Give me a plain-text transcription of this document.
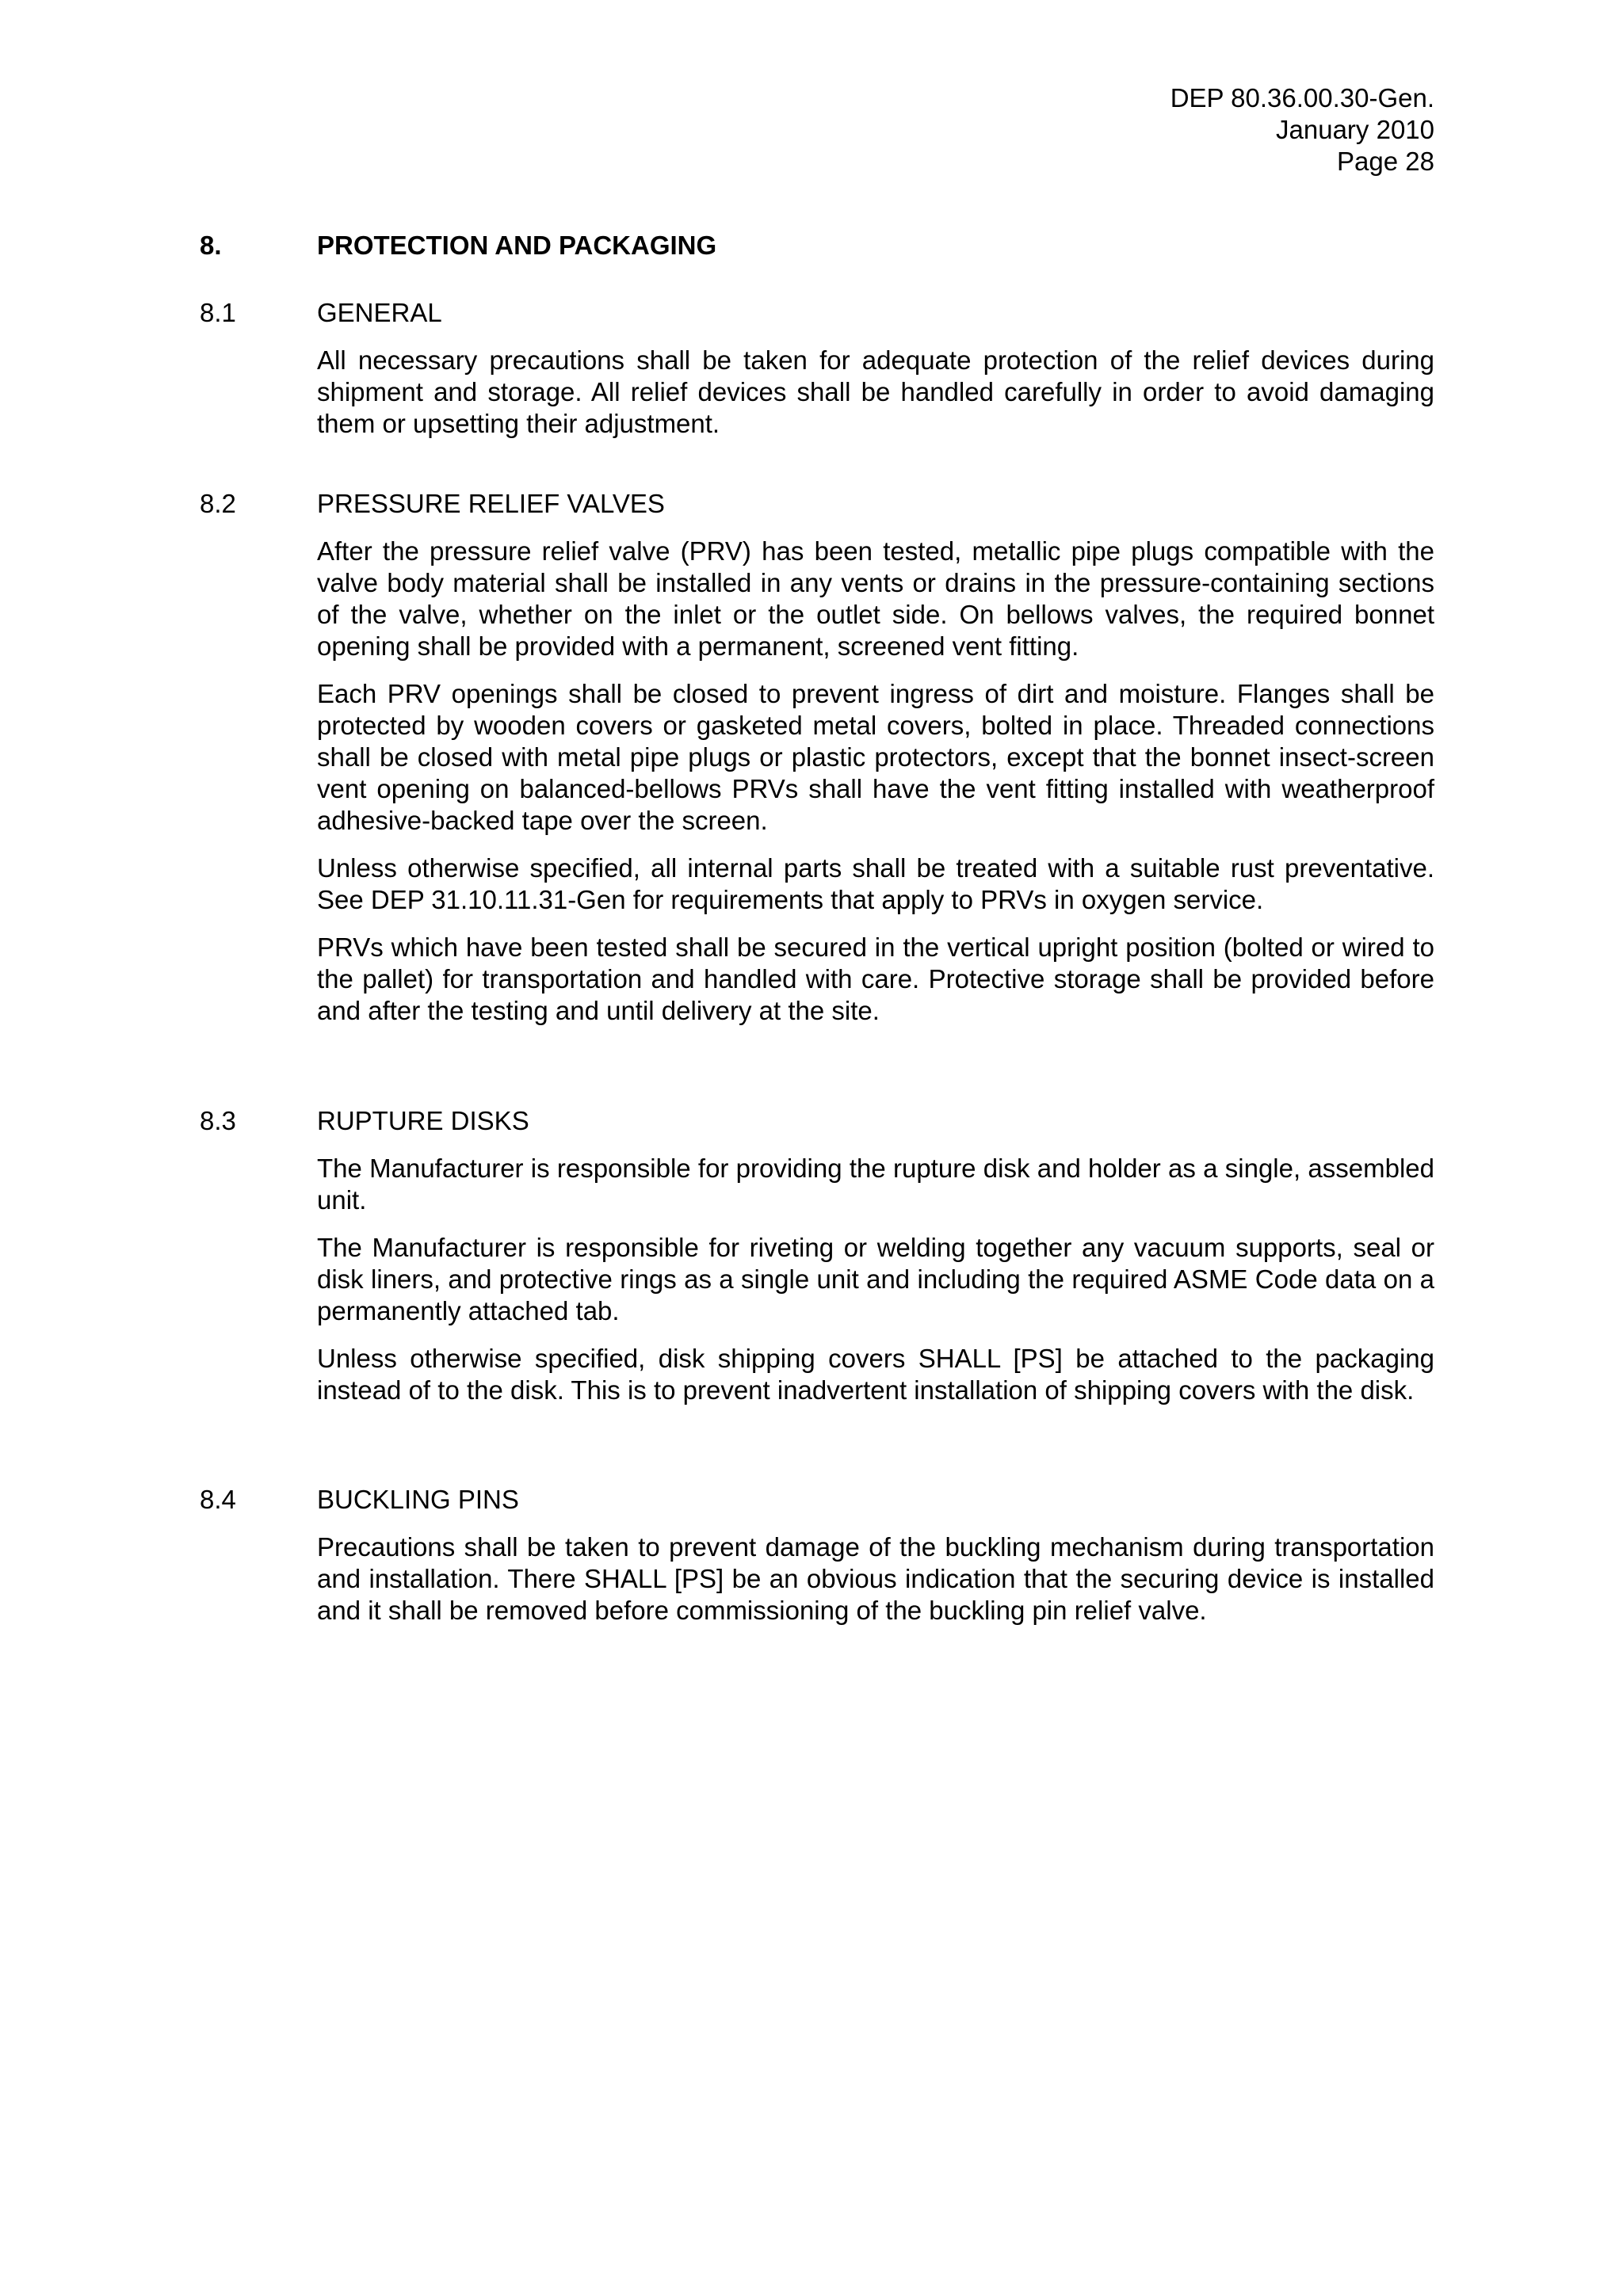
DEP 80.36.00.30-Gen.
January 2010
Page 28
8.	PROTECTION AND PACKAGING
8.1	GENERAL

All necessary precautions shall be taken for adequate protection of the relief devices during shipment and storage. All relief devices shall be handled carefully in order to avoid damaging them or upsetting their adjustment.

8.2	PRESSURE RELIEF VALVES

After the pressure relief valve (PRV) has been tested, metallic pipe plugs compatible with the valve body material shall be installed in any vents or drains in the pressure-containing sections of the valve, whether on the inlet or the outlet side. On bellows valves, the required bonnet opening shall be provided with a permanent, screened vent fitting.

Each PRV openings shall be closed to prevent ingress of dirt and moisture. Flanges shall be protected by wooden covers or gasketed metal covers, bolted in place. Threaded connections shall be closed with metal pipe plugs or plastic protectors, except that the bonnet insect-screen vent opening on balanced-bellows PRVs shall have the vent fitting installed with weatherproof adhesive-backed tape over the screen.

Unless otherwise specified, all internal parts shall be treated with a suitable rust preventative. See DEP 31.10.11.31-Gen for requirements that apply to PRVs in oxygen service.

PRVs which have been tested shall be secured in the vertical upright position (bolted or wired to the pallet) for transportation and handled with care. Protective storage shall be provided before and after the testing and until delivery at the site.

8.3	RUPTURE DISKS

The Manufacturer is responsible for providing the rupture disk and holder as a single, assembled unit.

The Manufacturer is responsible for riveting or welding together any vacuum supports, seal or disk liners, and protective rings as a single unit and including the required ASME Code data on a permanently attached tab.

Unless otherwise specified, disk shipping covers SHALL [PS] be attached to the packaging instead of to the disk. This is to prevent inadvertent installation of shipping covers with the disk.

8.4	BUCKLING PINS

Precautions shall be taken to prevent damage of the buckling mechanism during transportation and installation. There SHALL [PS] be an obvious indication that the securing device is installed and it shall be removed before commissioning of the buckling pin relief valve.
